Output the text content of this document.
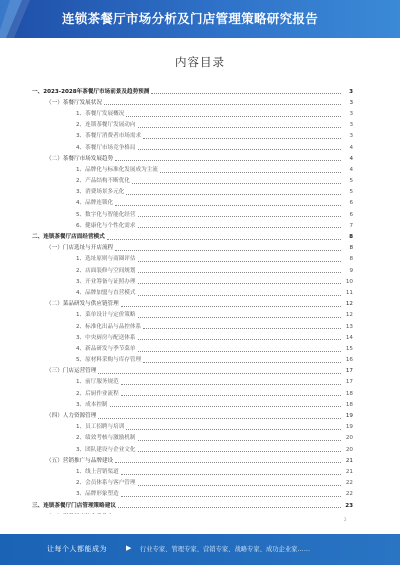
连锁茶餐厅市场分析及门店管理策略研究报告
内容目录
一、2023-2028年茶餐厅市场前景及趋势预测	3
（一）茶餐厅发展状况	3
1、茶餐厅发展概况	3
2、连锁茶餐厅发展动向	3
3、茶餐厅消费者市场需求	3
4、茶餐厅市场竞争格局	4
（二）茶餐厅市场发展趋势	4
1、品牌化与标准化发展成为主流	4
2、产品结构不断优化	5
3、消费场景多元化	5
4、品牌连锁化	6
5、数字化与智能化经营	6
6、健康化与个性化需求	7
二、连锁茶餐厅店面经营模式	8
（一）门店选址与开店流程	8
1、选址原则与商圈评估	8
2、店面装修与空间规划	9
3、开业筹备与证照办理	10
4、品牌加盟与直营模式	11
（二）菜品研发与供应链管理	12
1、菜单设计与定价策略	12
2、标准化出品与品控体系	13
3、中央厨房与配送体系	14
4、新品研发与季节菜单	15
5、原材料采购与库存管理	16
（三）门店运营管理	17
1、前厅服务规范	17
2、后厨作业流程	18
3、成本控制	18
（四）人力资源管理	19
1、员工招聘与培训	19
2、绩效考核与激励机制	20
3、团队建设与企业文化	20
（五）营销推广与品牌建设	21
1、线上营销渠道	21
2、会员体系与客户管理	22
3、品牌形象塑造	22
三、连锁茶餐厅门店管理策略建议	23
2
让每个人都能成为	▶ 行业专家、管理专家、营销专家、战略专家、成功企业家……
